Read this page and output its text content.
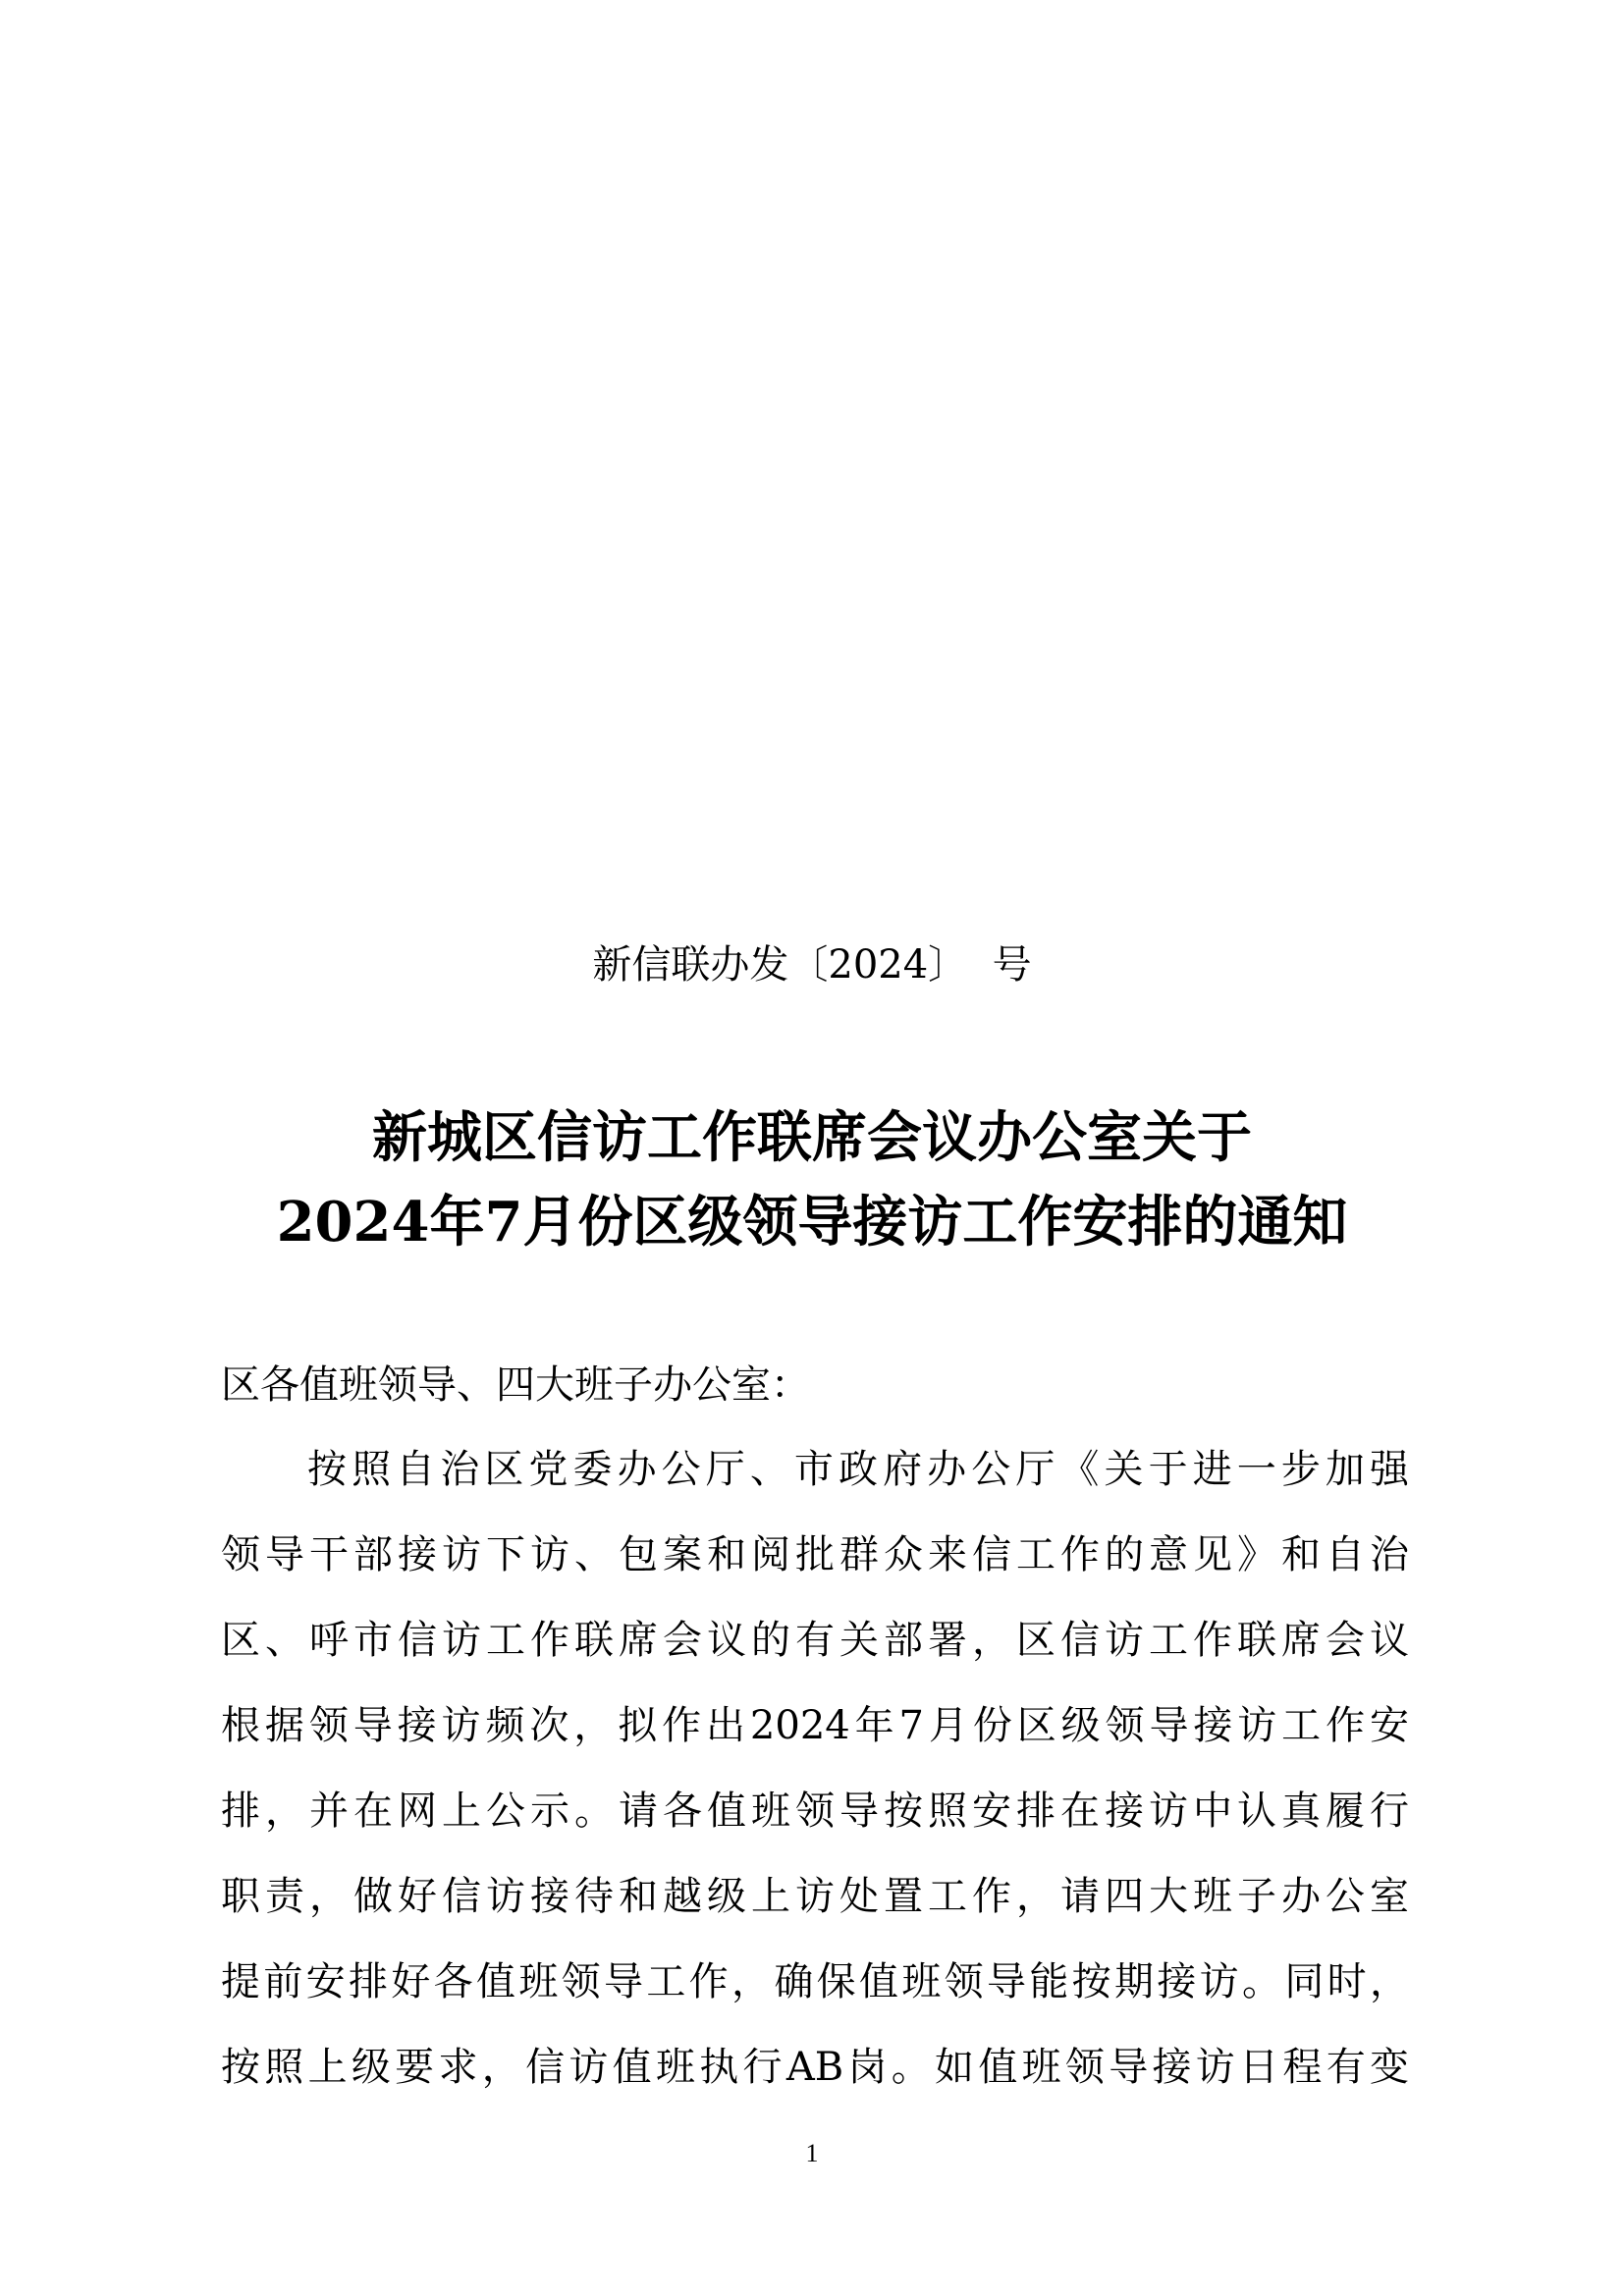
新信联办发〔2024〕  号
新城区信访工作联席会议办公室关于
2024年7月份区级领导接访工作安排的通知
区各值班领导、四大班子办公室：
按照自治区党委办公厅、市政府办公厅《关于进一步加强
领导干部接访下访、包案和阅批群众来信工作的意见》和自治
区、呼市信访工作联席会议的有关部署，区信访工作联席会议
根据领导接访频次，拟作出2024年7月份区级领导接访工作安
排，并在网上公示。请各值班领导按照安排在接访中认真履行
职责，做好信访接待和越级上访处置工作，请四大班子办公室
提前安排好各值班领导工作，确保值班领导能按期接访。同时，
按照上级要求，信访值班执行AB岗。如值班领导接访日程有变
1
